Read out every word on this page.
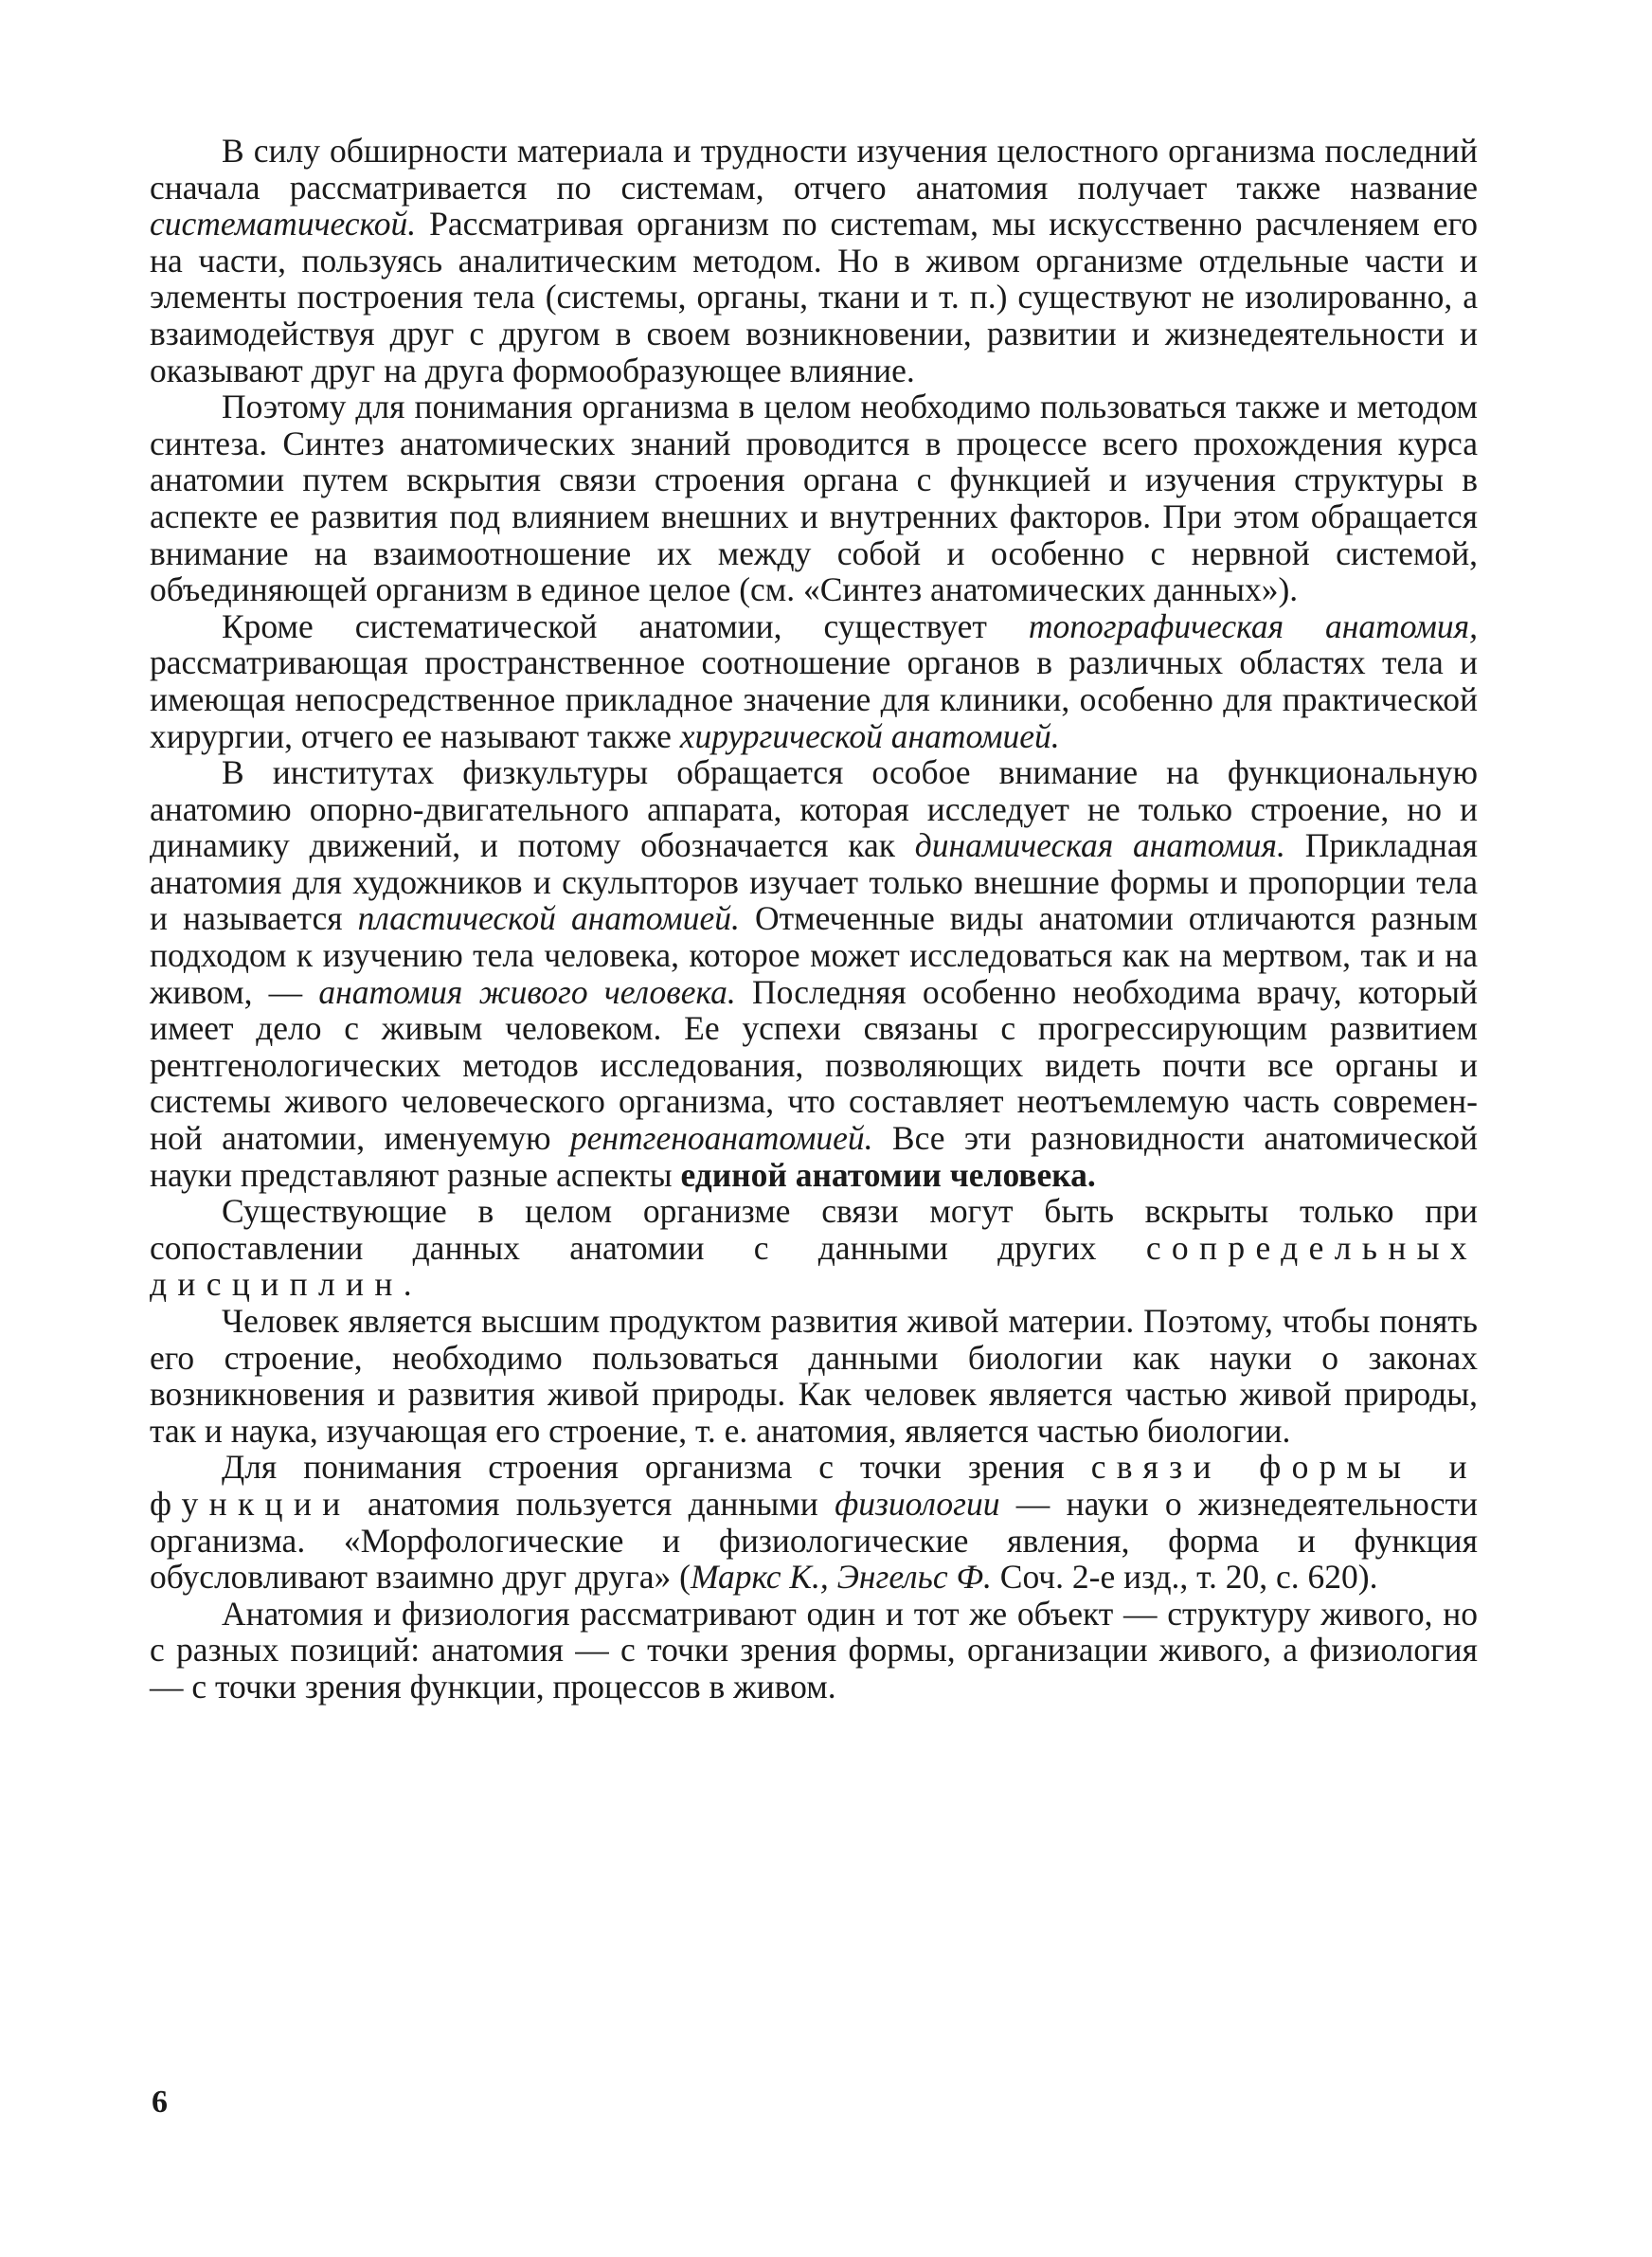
В силу обширности материала и трудности изучения целостного организма последний сначала рассматривается по системам, отчего анатомия получает также название систематической. Рассматривая организм по систеmам, мы искусственно расчленяем его на части, пользуясь аналитическим методом. Но в живом организме отдельные части и элементы построения тела (системы, органы, ткани и т. п.) существуют не изолированно, а взаимодействуя друг с другом в своем возникновении, развитии и жизнедеятельности и оказывают друг на друга формообразующее влияние.

Поэтому для понимания организма в целом необходимо пользоваться также и методом синтеза. Синтез анатомических знаний проводится в процессе всего прохождения курса анатомии путем вскрытия связи строения органа с функцией и изучения структуры в аспекте ее развития под влиянием внешних и внутренних факторов. При этом обращается внимание на взаимоотношение их между собой и особенно с нервной системой, объединяющей организм в единое целое (см. «Синтез анатомических данных»).

Кроме систематической анатомии, существует топографическая анатомия, рассматривающая пространственное соотношение органов в различных областях тела и имеющая непосредственное прикладное значение для клиники, особенно для практической хирургии, отчего ее называют также хирургической анатомией.

В институтах физкультуры обращается особое внимание на функциональную анатомию опорно-двигательного аппарата, которая исследует не только строение, но и динамику движений, и потому обозначается как динамическая анатомия. Прикладная анатомия для художников и скульпторов изучает только внешние формы и пропорции тела и называется пластической анатомией. Отмеченные виды анатомии отличаются разным подходом к изучению тела человека, которое может исследоваться как на мертвом, так и на живом, — анатомия живого человека. Последняя особенно необходима врачу, который имеет дело с живым человеком. Ее успехи связаны с прогрессирующим развитием рентгенологических методов исследования, позволяющих видеть почти все органы и системы живого человеческого организма, что составляет неотъемлемую часть современной анатомии, именуемую рентгеноанатомией. Все эти разновидности анатомической науки представляют разные аспекты единой анатомии человека.

Существующие в целом организме связи могут быть вскрыты только при сопоставлении данных анатомии с данными других сопредельных дисциплин.

Человек является высшим продуктом развития живой материи. Поэтому, чтобы понять его строение, необходимо пользоваться данными биологии как науки о законах возникновения и развития живой природы. Как человек является частью живой природы, так и наука, изучающая его строение, т. е. анатомия, является частью биологии.

Для понимания строения организма с точки зрения связи формы и функции анатомия пользуется данными физиологии — науки о жизнедеятельности организма. «Морфологические и физиологические явления, форма и функция обусловливают взаимно друг друга» (Маркс К., Энгельс Ф. Соч. 2-е изд., т. 20, с. 620).

Анатомия и физиология рассматривают один и тот же объект — структуру живого, но с разных позиций: анатомия — с точки зрения формы, организации живого, а физиология — с точки зрения функции, процессов в живом.

6
